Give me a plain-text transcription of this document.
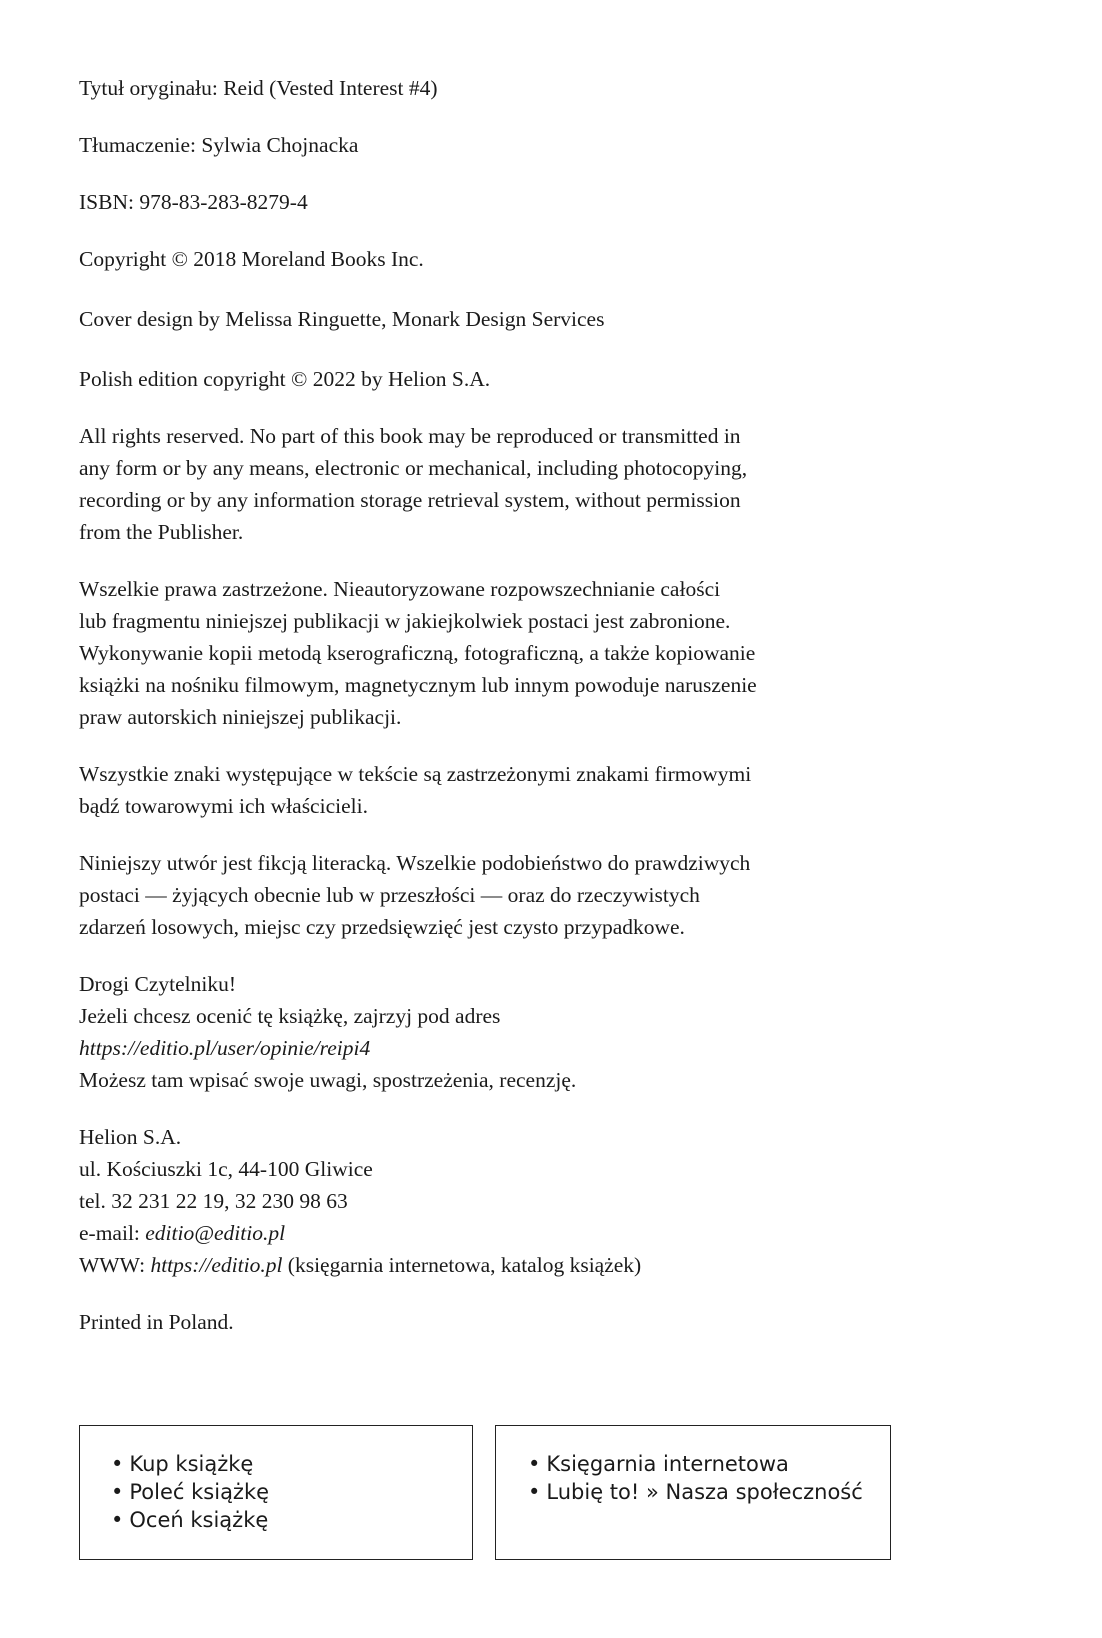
Tytuł oryginału: Reid (Vested Interest #4)

Tłumaczenie: Sylwia Chojnacka

ISBN: 978-83-283-8279-4

Copyright © 2018 Moreland Books Inc.

Cover design by Melissa Ringuette, Monark Design Services

Polish edition copyright © 2022 by Helion S.A.

All rights reserved. No part of this book may be reproduced or transmitted in
any form or by any means, electronic or mechanical, including photocopying,
recording or by any information storage retrieval system, without permission
from the Publisher.

Wszelkie prawa zastrzeżone. Nieautoryzowane rozpowszechnianie całości
lub fragmentu niniejszej publikacji w jakiejkolwiek postaci jest zabronione.
Wykonywanie kopii metodą kserograficzną, fotograficzną, a także kopiowanie
książki na nośniku filmowym, magnetycznym lub innym powoduje naruszenie
praw autorskich niniejszej publikacji.

Wszystkie znaki występujące w tekście są zastrzeżonymi znakami firmowymi
bądź towarowymi ich właścicieli.

Niniejszy utwór jest fikcją literacką. Wszelkie podobieństwo do prawdziwych
postaci — żyjących obecnie lub w przeszłości — oraz do rzeczywistych
zdarzeń losowych, miejsc czy przedsięwzięć jest czysto przypadkowe.

Drogi Czytelniku!
Jeżeli chcesz ocenić tę książkę, zajrzyj pod adres
https://editio.pl/user/opinie/reipi4
Możesz tam wpisać swoje uwagi, spostrzeżenia, recenzję.

Helion S.A.
ul. Kościuszki 1c, 44-100 Gliwice
tel. 32 231 22 19, 32 230 98 63
e-mail: editio@editio.pl
WWW: https://editio.pl (księgarnia internetowa, katalog książek)

Printed in Poland.

• Kup książkę
• Poleć książkę
• Oceń książkę
• Księgarnia internetowa
• Lubię to! » Nasza społeczność
